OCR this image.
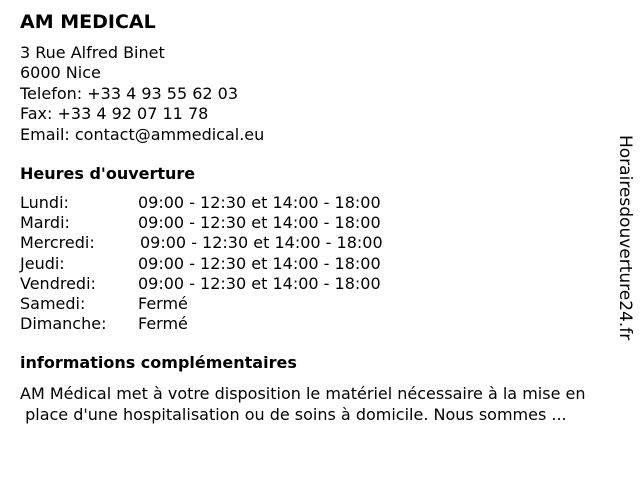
AM MEDICAL
3 Rue Alfred Binet
6000 Nice
Telefon: +33 4 93 55 62 03
Fax: +33 4 92 07 11 78
Email: contact@ammedical.eu
Heures d'ouverture
Lundi:	09:00 - 12:30 et 14:00 - 18:00
Mardi:	09:00 - 12:30 et 14:00 - 18:00
Mercredi:	09:00 - 12:30 et 14:00 - 18:00
Jeudi:	09:00 - 12:30 et 14:00 - 18:00
Vendredi:	09:00 - 12:30 et 14:00 - 18:00
Samedi:	Fermé
Dimanche: Fermé
informations complémentaires
AM Médical met à votre disposition le matériel nécessaire à la mise en
place d'une hospitalisation ou de soins à domicile. Nous sommes ...
Horairesdouverture24.fr
